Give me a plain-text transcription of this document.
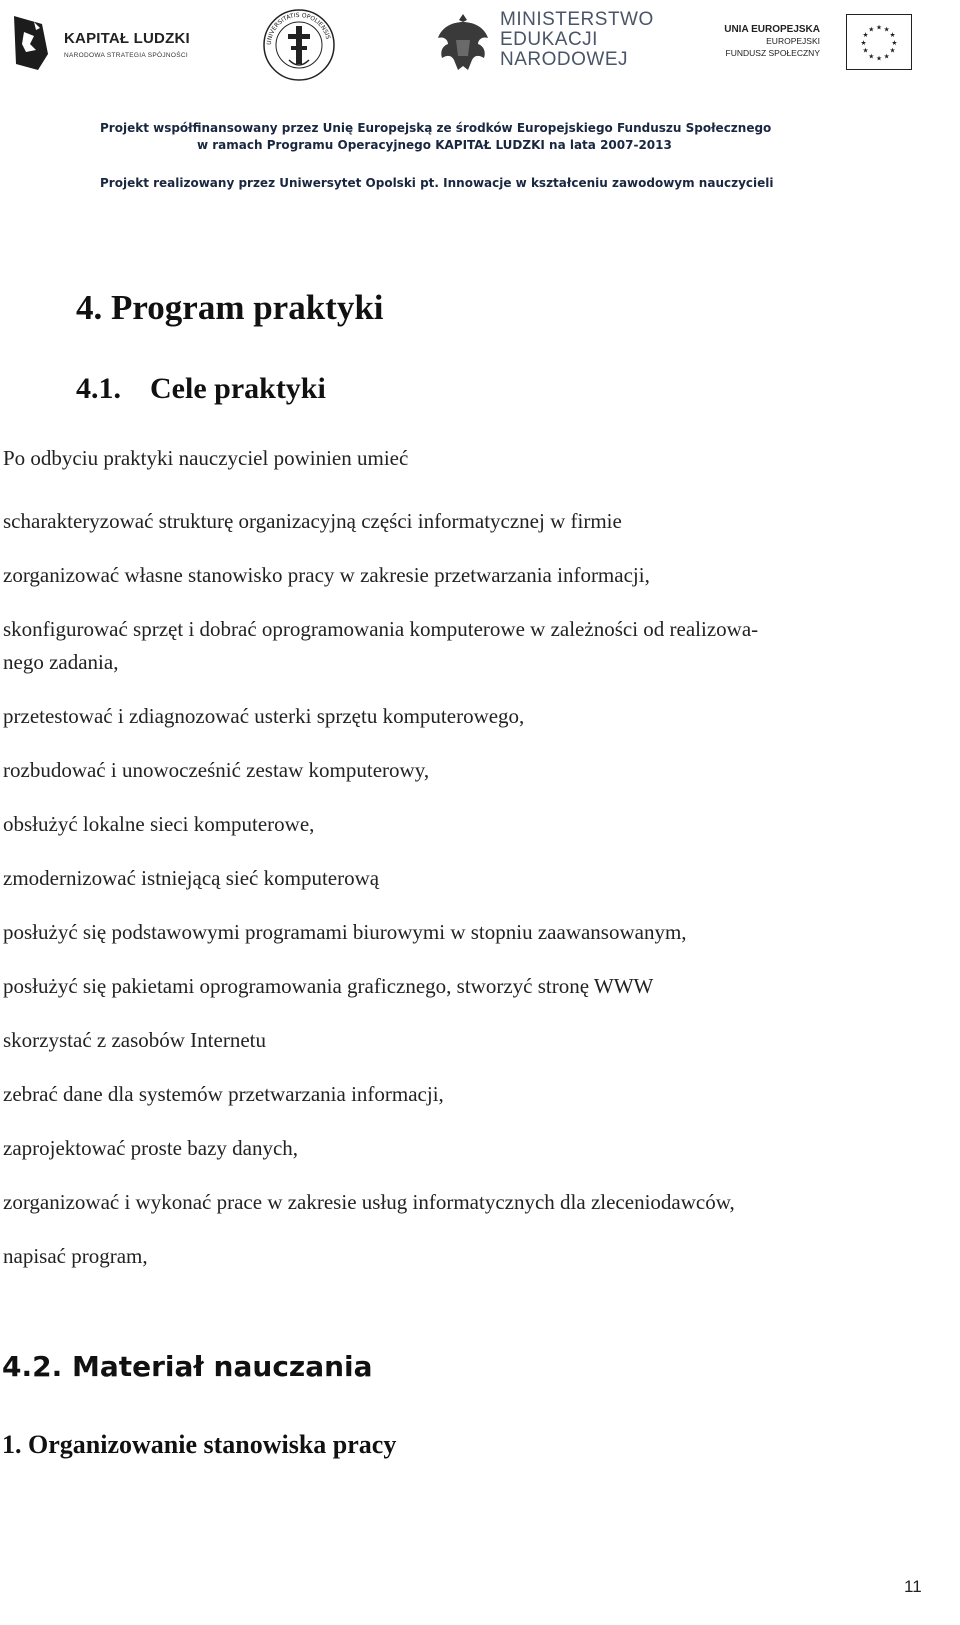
KAPITAŁ LUDZKI
NARODOWA STRATEGIA SPÓJNOŚCI
UNIVERSITATIS OPOLIENSIS
MINISTERSTWO
EDUKACJI
NARODOWEJ
UNIA EUROPEJSKA
EUROPEJSKI
FUNDUSZ SPOŁECZNY
★ ★
★
★
★
★
★
★
★
★
★
★
Projekt współfinansowany przez Unię Europejską ze środków Europejskiego Funduszu Społecznego
w ramach Programu Operacyjnego KAPITAŁ LUDZKI na lata 2007-2013
Projekt realizowany przez Uniwersytet Opolski pt. Innowacje w kształceniu zawodowym nauczycieli
4. Program praktyki
4.1. Cele praktyki
Po odbyciu praktyki nauczyciel powinien umieć
scharakteryzować strukturę organizacyjną części informatycznej w firmie
zorganizować własne stanowisko pracy w zakresie przetwarzania informacji,
skonfigurować sprzęt i dobrać oprogramowania komputerowe w zależności od realizowa-
nego zadania,
przetestować i zdiagnozować usterki sprzętu komputerowego,
rozbudować i unowocześnić zestaw komputerowy,
obsłużyć lokalne sieci komputerowe,
zmodernizować istniejącą sieć komputerową
posłużyć się podstawowymi programami biurowymi w stopniu zaawansowanym,
posłużyć się pakietami oprogramowania graficznego, stworzyć stronę WWW
skorzystać z zasobów Internetu
zebrać dane dla systemów przetwarzania informacji,
zaprojektować proste bazy danych,
zorganizować i wykonać prace w zakresie usług informatycznych dla zleceniodawców,
napisać program,
4.2. Materiał nauczania
1. Organizowanie stanowiska pracy
11
